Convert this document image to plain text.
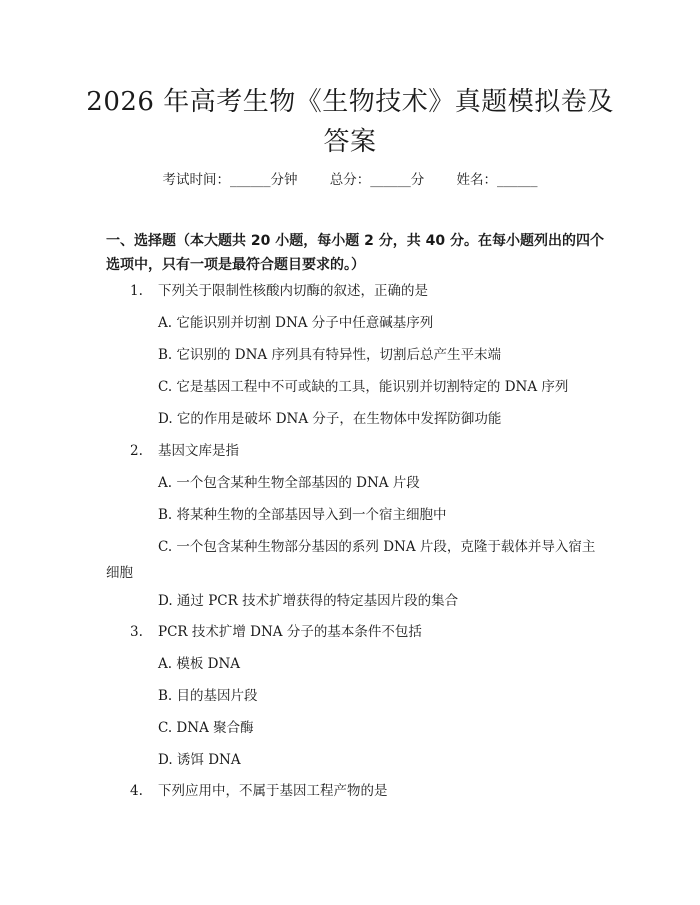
2026 年高考生物《生物技术》真题模拟卷及
答案
考试时间：______分钟 总分：______分 姓名：______
一、选择题（本大题共 20 小题，每小题 2 分，共 40 分。在每小题列出的四个选项中，只有一项是最符合题目要求的。）
1. 下列关于限制性核酸内切酶的叙述，正确的是
A. 它能识别并切割 DNA 分子中任意碱基序列
B. 它识别的 DNA 序列具有特异性，切割后总产生平末端
C. 它是基因工程中不可或缺的工具，能识别并切割特定的 DNA 序列
D. 它的作用是破坏 DNA 分子，在生物体中发挥防御功能
2. 基因文库是指
A. 一个包含某种生物全部基因的 DNA 片段
B. 将某种生物的全部基因导入到一个宿主细胞中
C. 一个包含某种生物部分基因的系列 DNA 片段，克隆于载体并导入宿主细胞
D. 通过 PCR 技术扩增获得的特定基因片段的集合
3. PCR 技术扩增 DNA 分子的基本条件不包括
A. 模板 DNA
B. 目的基因片段
C. DNA 聚合酶
D. 诱饵 DNA
4. 下列应用中，不属于基因工程产物的是
